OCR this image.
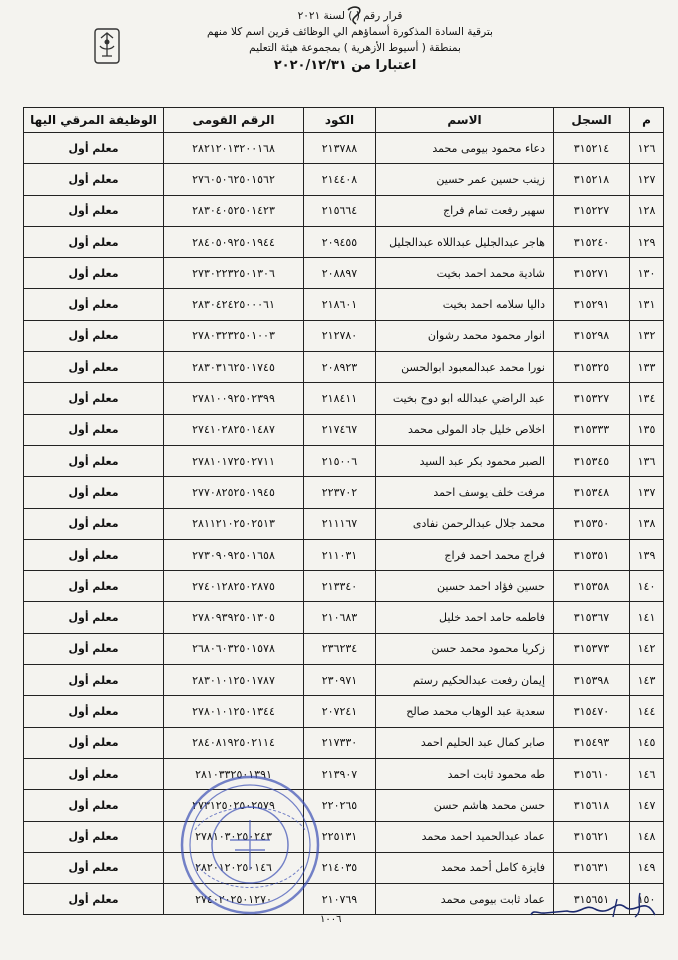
قرار رقم ( ) لسنة ٢٠٢١
بترقية السادة المذكورة أسماؤهم الي الوظائف قرين اسم كلا منهم
بمنطقة ( أسيوط الأزهرية ) بمجموعة هيئة التعليم
اعتبارا من ٢٠٢٠/١٢/٣١
م	السجل	الاسم	الكود	الرقم القومى	الوظيفة المرقي اليها
١٢٦	٣١٥٢١٤	دعاء محمود بيومى محمد	٢١٣٧٨٨	٢٨٢١٢٠١٣٢٠٠١٦٨	معلم أول
١٢٧	٣١٥٢١٨	زينب حسين عمر حسين	٢١٤٤٠٨	٢٧٦٠٥٠٦٢٥٠١٥٦٢	معلم أول
١٢٨	٣١٥٢٢٧	سهير رفعت تمام فراج	٢١٥٦٦٤	٢٨٣٠٤٠٥٢٥٠١٤٢٣	معلم أول
١٢٩	٣١٥٢٤٠	هاجر عبدالجليل عبداللاه عبدالجليل	٢٠٩٤٥٥	٢٨٤٠٥٠٩٢٥٠١٩٤٤	معلم أول
١٣٠	٣١٥٢٧١	شادية محمد احمد بخيت	٢٠٨٨٩٧	٢٧٣٠٢٢٣٢٥٠١٣٠٦	معلم أول
١٣١	٣١٥٢٩١	داليا سلامه احمد بخيت	٢١٨٦٠١	٢٨٣٠٤٢٤٢٥٠٠٠٦١	معلم أول
١٣٢	٣١٥٢٩٨	انوار محمود محمد رشوان	٢١٢٧٨٠	٢٧٨٠٣٢٣٢٥٠١٠٠٣	معلم أول
١٣٣	٣١٥٣٢٥	نورا محمد عبدالمعبود ابوالحسن	٢٠٨٩٢٣	٢٨٣٠٣١٦٢٥٠١٧٤٥	معلم أول
١٣٤	٣١٥٣٢٧	عبد الراضي عبدالله ابو دوح بخيت	٢١٨٤١١	٢٧٨١٠٠٩٢٥٠٢٣٩٩	معلم أول
١٣٥	٣١٥٣٣٣	اخلاص خليل جاد المولى محمد	٢١٧٤٦٧	٢٧٤١٠٢٨٢٥٠١٤٨٧	معلم أول
١٣٦	٣١٥٣٤٥	الصبر محمود بكر عبد السيد	٢١٥٠٠٦	٢٧٨١٠١٧٢٥٠٢٧١١	معلم أول
١٣٧	٣١٥٣٤٨	مرفت خلف يوسف احمد	٢٢٣٧٠٢	٢٧٧٠٨٢٥٢٥٠١٩٤٥	معلم أول
١٣٨	٣١٥٣٥٠	محمد جلال عبدالرحمن نفادى	٢١١١٦٧	٢٨١١٢١٠٢٥٠٢٥١٣	معلم أول
١٣٩	٣١٥٣٥١	فراج محمد احمد فراج	٢١١٠٣١	٢٧٣٠٩٠٩٢٥٠١٦٥٨	معلم أول
١٤٠	٣١٥٣٥٨	حسين فؤاد احمد حسين	٢١٣٣٤٠	٢٧٤٠١٢٨٢٥٠٢٨٧٥	معلم أول
١٤١	٣١٥٣٦٧	فاطمه حامد احمد خليل	٢١٠٦٨٣	٢٧٨٠٩٣٩٢٥٠١٣٠٥	معلم أول
١٤٢	٣١٥٣٧٣	زكريا محمود محمد حسن	٢٣٦٢٣٤	٢٦٨٠٦٠٣٢٥٠١٥٧٨	معلم أول
١٤٣	٣١٥٣٩٨	إيمان رفعت عبدالحكيم رستم	٢٣٠٩٧١	٢٨٣٠١٠١٢٥٠١٧٨٧	معلم أول
١٤٤	٣١٥٤٧٠	سعدية عبد الوهاب محمد صالح	٢٠٧٢٤١	٢٧٨٠١٠١٢٥٠١٣٤٤	معلم أول
١٤٥	٣١٥٤٩٣	صابر كمال عبد الحليم احمد	٢١٧٣٣٠	٢٨٤٠٨١٩٢٥٠٢١١٤	معلم أول
١٤٦	٣١٥٦١٠	طه محمود ثابت احمد	٢١٣٩٠٧	٢٨١٠٣٣٢٥٠١٣٩١	معلم أول
١٤٧	٣١٥٦١٨	حسن محمد هاشم حسن	٢٢٠٢٦٥	٢٧٣١٢٥٠٢٥٠٢٥٧٩	معلم أول
١٤٨	٣١٥٦٢١	عماد عبدالحميد احمد محمد	٢٢٥١٣١	٢٧٨١٠٣٠٢٥٠٢٤٣	معلم أول
١٤٩	٣١٥٦٣١	فايزة كامل أحمد محمد	٢١٤٠٣٥	٢٨٢٠١٢٠٢٥٠١٤٦	معلم أول
١٥٠	٣١٥٦٥١	عماد ثابت بيومى محمد	٢١٠٧٦٩	٢٧٤٠٢٠٢٥٠١٢٧٠	معلم أول
١٠٠٦
